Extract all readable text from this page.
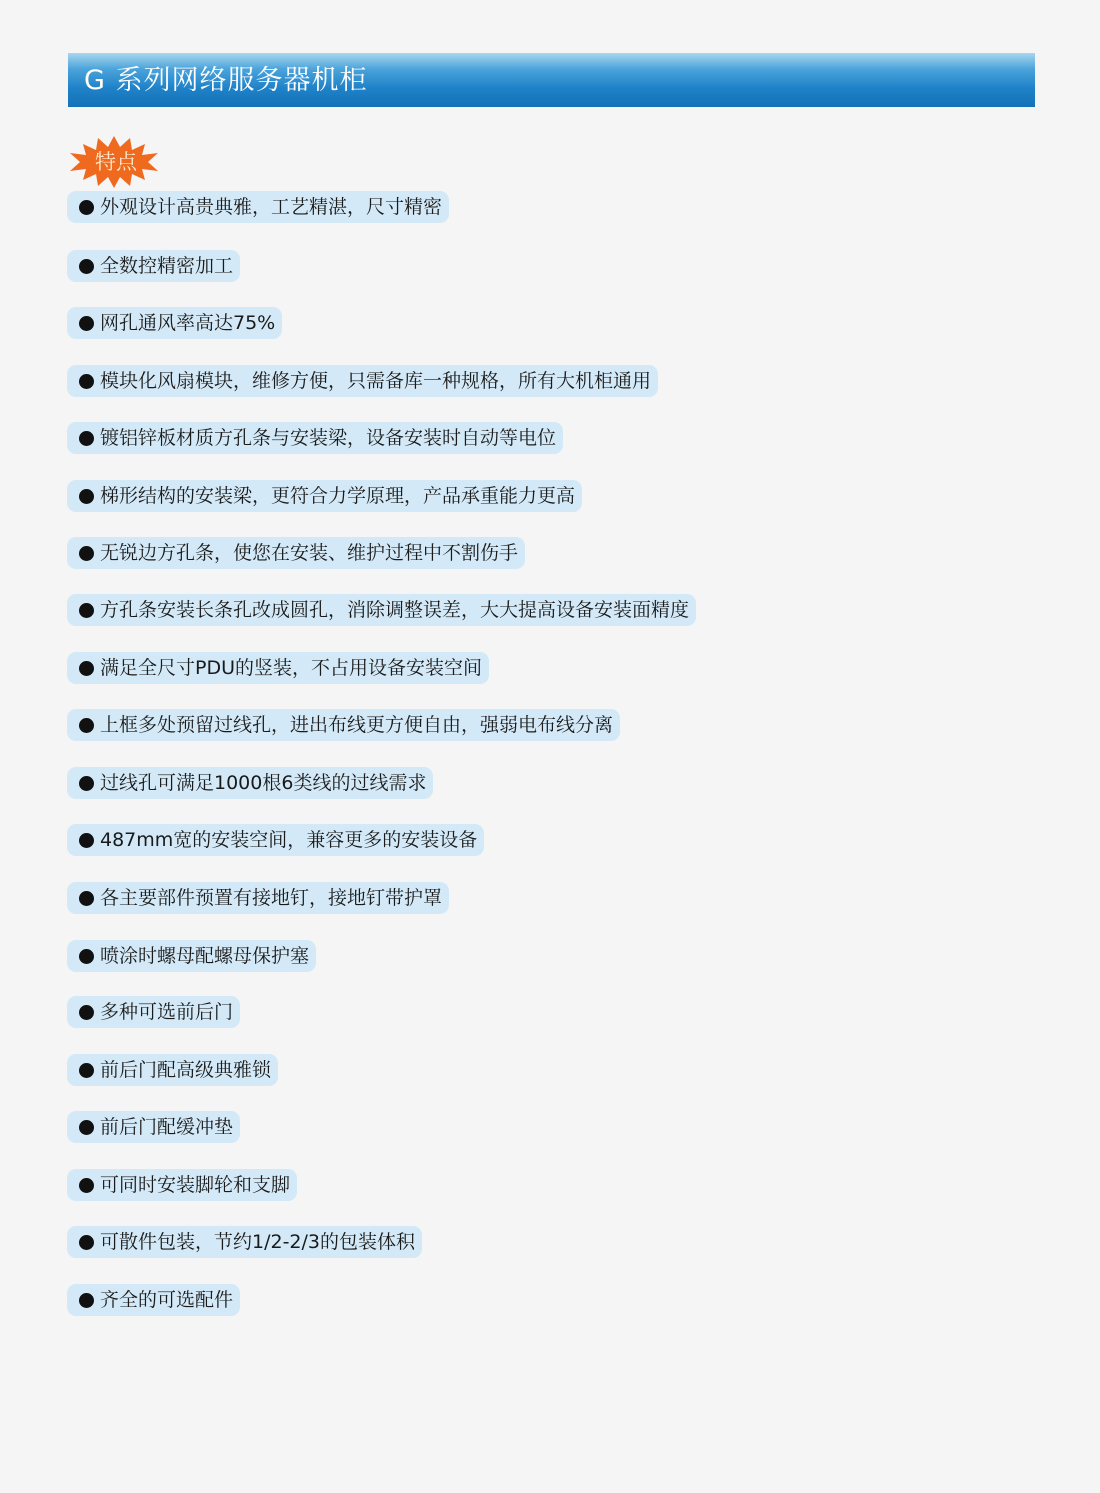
G 系列网络服务器机柜
特点
外观设计高贵典雅，工艺精湛，尺寸精密
全数控精密加工
网孔通风率高达75%
模块化风扇模块，维修方便，只需备库一种规格，所有大机柜通用
镀铝锌板材质方孔条与安装梁，设备安装时自动等电位
梯形结构的安装梁，更符合力学原理，产品承重能力更高
无锐边方孔条，使您在安装、维护过程中不割伤手
方孔条安装长条孔改成圆孔，消除调整误差，大大提高设备安装面精度
满足全尺寸PDU的竖装，不占用设备安装空间
上框多处预留过线孔，进出布线更方便自由，强弱电布线分离
过线孔可满足1000根6类线的过线需求
487mm宽的安装空间，兼容更多的安装设备
各主要部件预置有接地钉，接地钉带护罩
喷涂时螺母配螺母保护塞
多种可选前后门
前后门配高级典雅锁
前后门配缓冲垫
可同时安装脚轮和支脚
可散件包装，节约1/2-2/3的包装体积
齐全的可选配件
